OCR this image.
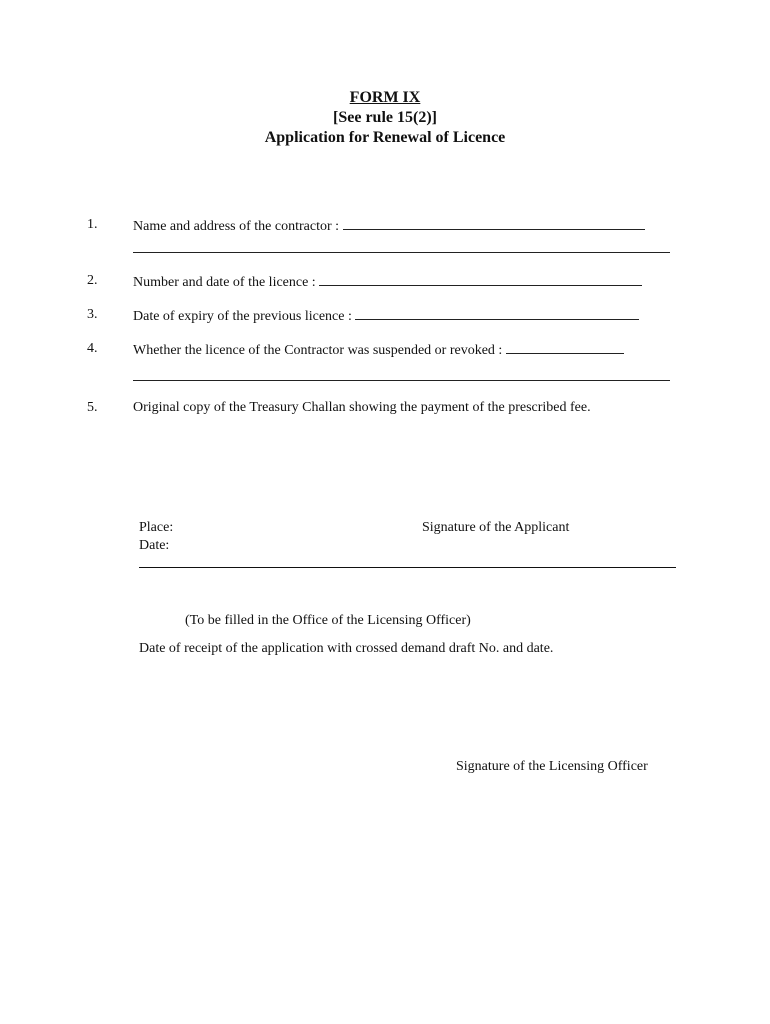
FORM IX
[See rule 15(2)]
Application for Renewal of Licence
1.	Name and address of the contractor :
2.	Number and date of the licence :
3.	Date of expiry of the previous licence :
4.	Whether the licence of the Contractor was suspended or revoked :
5.	Original copy of the Treasury Challan showing the payment of the prescribed fee.
Place:
Date:
Signature of the Applicant
(To be filled in the Office of the Licensing Officer)
Date of receipt of the application with crossed demand draft No. and date.
Signature of the Licensing Officer
